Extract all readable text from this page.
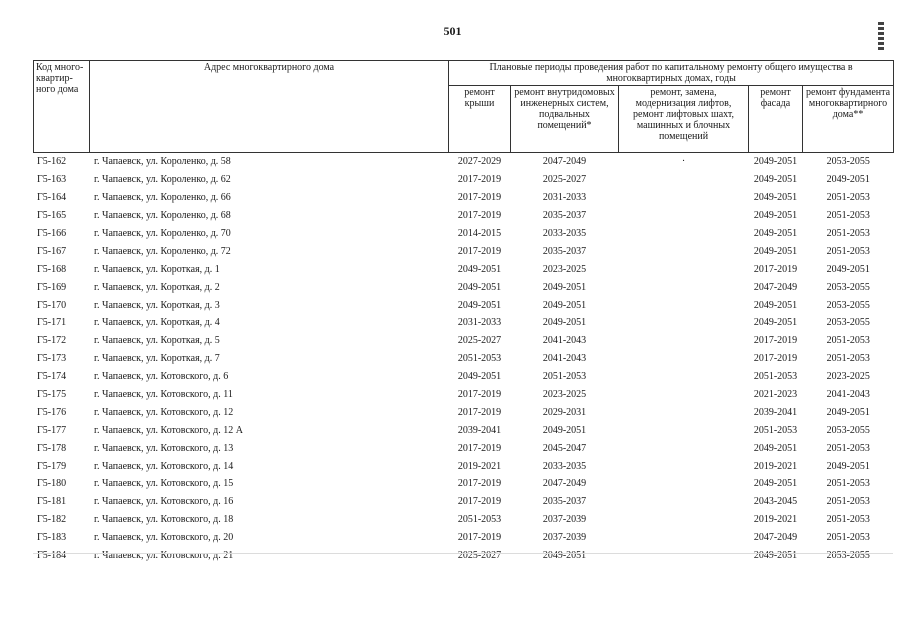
501
Код много-квартир-ного дома	Адрес многоквартирного дома	Плановые периоды проведения работ по капитальному ремонту общего имущества в многоквартирных домах, годы				
		ремонт крыши	ремонт внутридомовых инженерных систем, подвальных помещений*	ремонт, замена, модернизация лифтов, ремонт лифтовых шахт, машинных и блочных помещений	ремонт фасада	ремонт фундамента многоквартирного дома**
Г5-162	г. Чапаевск, ул. Короленко, д. 58	2027-2029	2047-2049	·	2049-2051	2053-2055
Г5-163	г. Чапаевск, ул. Короленко, д. 62	2017-2019	2025-2027		2049-2051	2049-2051
Г5-164	г. Чапаевск, ул. Короленко, д. 66	2017-2019	2031-2033		2049-2051	2051-2053
Г5-165	г. Чапаевск, ул. Короленко, д. 68	2017-2019	2035-2037		2049-2051	2051-2053
Г5-166	г. Чапаевск, ул. Короленко, д. 70	2014-2015	2033-2035		2049-2051	2051-2053
Г5-167	г. Чапаевск, ул. Короленко, д. 72	2017-2019	2035-2037		2049-2051	2051-2053
Г5-168	г. Чапаевск, ул. Короткая, д. 1	2049-2051	2023-2025		2017-2019	2049-2051
Г5-169	г. Чапаевск, ул. Короткая, д. 2	2049-2051	2049-2051		2047-2049	2053-2055
Г5-170	г. Чапаевск, ул. Короткая, д. 3	2049-2051	2049-2051		2049-2051	2053-2055
Г5-171	г. Чапаевск, ул. Короткая, д. 4	2031-2033	2049-2051		2049-2051	2053-2055
Г5-172	г. Чапаевск, ул. Короткая, д. 5	2025-2027	2041-2043		2017-2019	2051-2053
Г5-173	г. Чапаевск, ул. Короткая, д. 7	2051-2053	2041-2043		2017-2019	2051-2053
Г5-174	г. Чапаевск, ул. Котовского, д. 6	2049-2051	2051-2053		2051-2053	2023-2025
Г5-175	г. Чапаевск, ул. Котовского, д. 11	2017-2019	2023-2025		2021-2023	2041-2043
Г5-176	г. Чапаевск, ул. Котовского, д. 12	2017-2019	2029-2031		2039-2041	2049-2051
Г5-177	г. Чапаевск, ул. Котовского, д. 12 А	2039-2041	2049-2051		2051-2053	2053-2055
Г5-178	г. Чапаевск, ул. Котовского, д. 13	2017-2019	2045-2047		2049-2051	2051-2053
Г5-179	г. Чапаевск, ул. Котовского, д. 14	2019-2021	2033-2035		2019-2021	2049-2051
Г5-180	г. Чапаевск, ул. Котовского, д. 15	2017-2019	2047-2049		2049-2051	2051-2053
Г5-181	г. Чапаевск, ул. Котовского, д. 16	2017-2019	2035-2037		2043-2045	2051-2053
Г5-182	г. Чапаевск, ул. Котовского, д. 18	2051-2053	2037-2039		2019-2021	2051-2053
Г5-183	г. Чапаевск, ул. Котовского, д. 20	2017-2019	2037-2039		2047-2049	2051-2053
Г5-184	г. Чапаевск, ул. Котовского, д. 21	2025-2027	2049-2051		2049-2051	2053-2055
